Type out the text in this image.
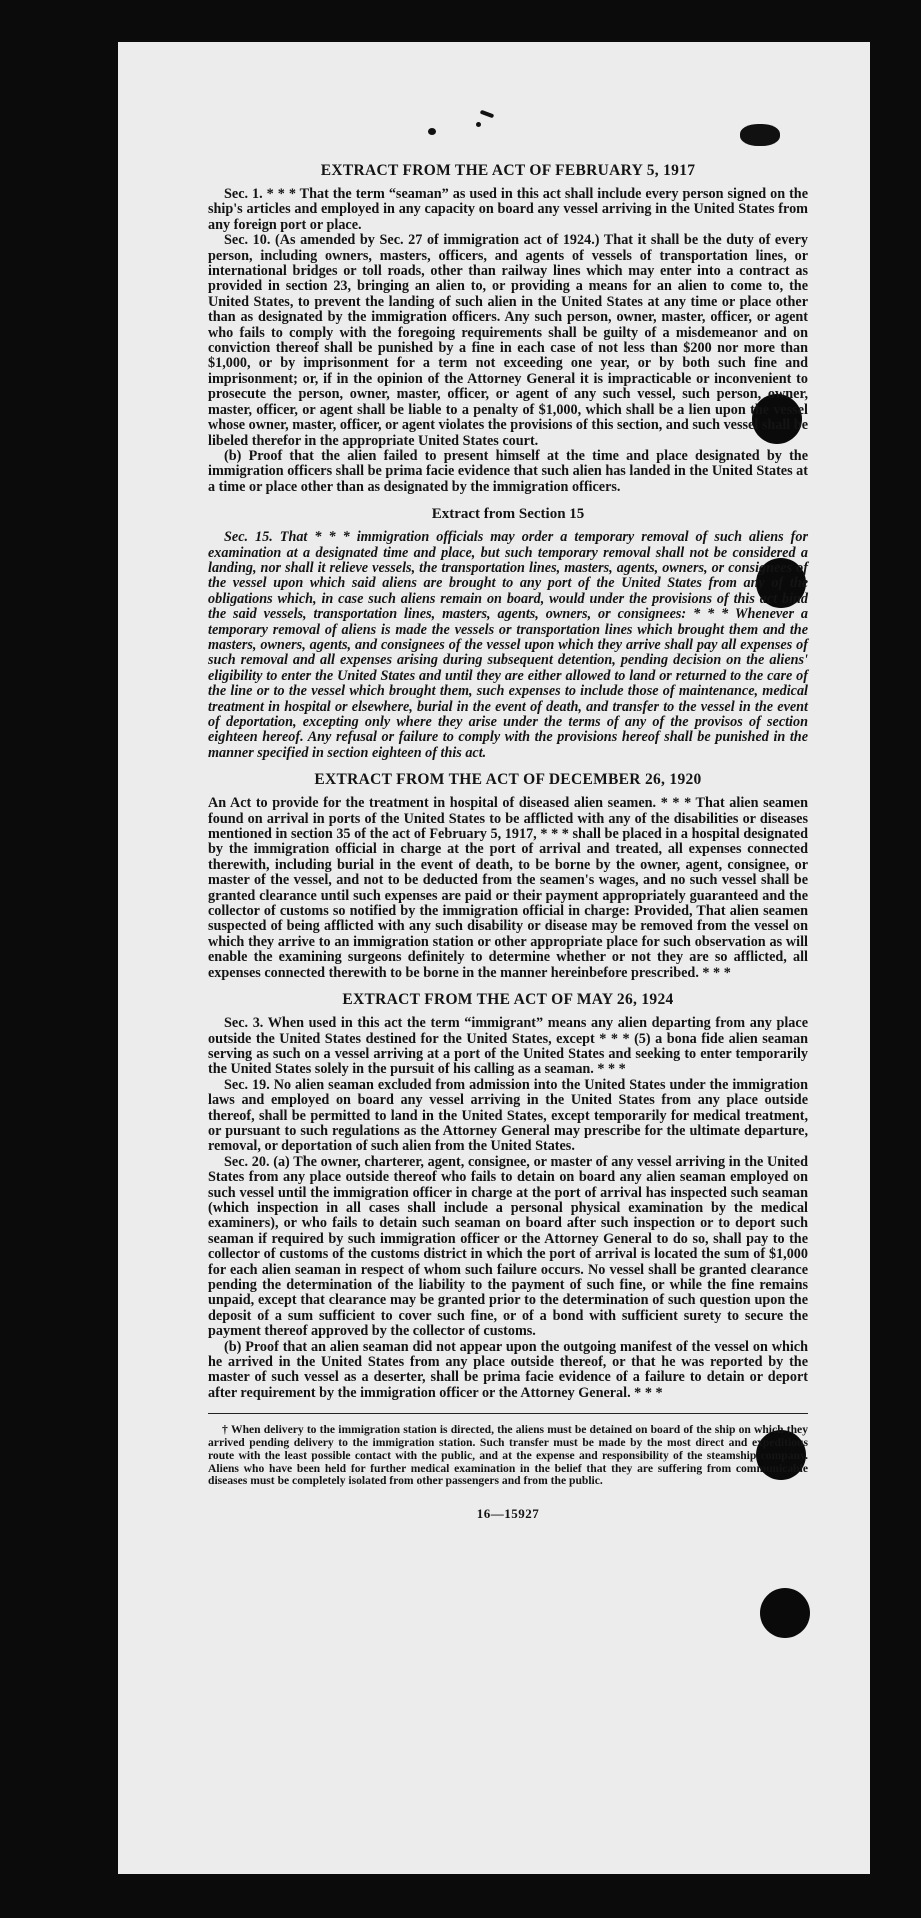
EXTRACT FROM THE ACT OF FEBRUARY 5, 1917

Sec. 1. * * * That the term “seaman” as used in this act shall include every person signed on the ship's articles and employed in any capacity on board any vessel arriving in the United States from any foreign port or place.

Sec. 10. (As amended by Sec. 27 of immigration act of 1924.) That it shall be the duty of every person, including owners, masters, officers, and agents of vessels of transportation lines, or international bridges or toll roads, other than railway lines which may enter into a contract as provided in section 23, bringing an alien to, or providing a means for an alien to come to, the United States, to prevent the landing of such alien in the United States at any time or place other than as designated by the immigration officers. Any such person, owner, master, officer, or agent who fails to comply with the foregoing requirements shall be guilty of a misdemeanor and on conviction thereof shall be punished by a fine in each case of not less than $200 nor more than $1,000, or by imprisonment for a term not exceeding one year, or by both such fine and imprisonment; or, if in the opinion of the Attorney General it is impracticable or inconvenient to prosecute the person, owner, master, officer, or agent of any such vessel, such person, owner, master, officer, or agent shall be liable to a penalty of $1,000, which shall be a lien upon the vessel whose owner, master, officer, or agent violates the provisions of this section, and such vessel shall be libeled therefor in the appropriate United States court.

(b) Proof that the alien failed to present himself at the time and place designated by the immigration officers shall be prima facie evidence that such alien has landed in the United States at a time or place other than as designated by the immigration officers.

Extract from Section 15

Sec. 15. That * * * immigration officials may order a temporary removal of such aliens for examination at a designated time and place, but such temporary removal shall not be considered a landing, nor shall it relieve vessels, the transportation lines, masters, agents, owners, or consignees of the vessel upon which said aliens are brought to any port of the United States from any of the obligations which, in case such aliens remain on board, would under the provisions of this act bind the said vessels, transportation lines, masters, agents, owners, or consignees: * * * Whenever a temporary removal of aliens is made the vessels or transportation lines which brought them and the masters, owners, agents, and consignees of the vessel upon which they arrive shall pay all expenses of such removal and all expenses arising during subsequent detention, pending decision on the aliens' eligibility to enter the United States and until they are either allowed to land or returned to the care of the line or to the vessel which brought them, such expenses to include those of maintenance, medical treatment in hospital or elsewhere, burial in the event of death, and transfer to the vessel in the event of deportation, excepting only where they arise under the terms of any of the provisos of section eighteen hereof. Any refusal or failure to comply with the provisions hereof shall be punished in the manner specified in section eighteen of this act.

EXTRACT FROM THE ACT OF DECEMBER 26, 1920

An Act to provide for the treatment in hospital of diseased alien seamen. * * * That alien seamen found on arrival in ports of the United States to be afflicted with any of the disabilities or diseases mentioned in section 35 of the act of February 5, 1917, * * * shall be placed in a hospital designated by the immigration official in charge at the port of arrival and treated, all expenses connected therewith, including burial in the event of death, to be borne by the owner, agent, consignee, or master of the vessel, and not to be deducted from the seamen's wages, and no such vessel shall be granted clearance until such expenses are paid or their payment appropriately guaranteed and the collector of customs so notified by the immigration official in charge: Provided, That alien seamen suspected of being afflicted with any such disability or disease may be removed from the vessel on which they arrive to an immigration station or other appropriate place for such observation as will enable the examining surgeons definitely to determine whether or not they are so afflicted, all expenses connected therewith to be borne in the manner hereinbefore prescribed. * * *

EXTRACT FROM THE ACT OF MAY 26, 1924

Sec. 3. When used in this act the term “immigrant” means any alien departing from any place outside the United States destined for the United States, except * * * (5) a bona fide alien seaman serving as such on a vessel arriving at a port of the United States and seeking to enter temporarily the United States solely in the pursuit of his calling as a seaman. * * *

Sec. 19. No alien seaman excluded from admission into the United States under the immigration laws and employed on board any vessel arriving in the United States from any place outside thereof, shall be permitted to land in the United States, except temporarily for medical treatment, or pursuant to such regulations as the Attorney General may prescribe for the ultimate departure, removal, or deportation of such alien from the United States.

Sec. 20. (a) The owner, charterer, agent, consignee, or master of any vessel arriving in the United States from any place outside thereof who fails to detain on board any alien seaman employed on such vessel until the immigration officer in charge at the port of arrival has inspected such seaman (which inspection in all cases shall include a personal physical examination by the medical examiners), or who fails to detain such seaman on board after such inspection or to deport such seaman if required by such immigration officer or the Attorney General to do so, shall pay to the collector of customs of the customs district in which the port of arrival is located the sum of $1,000 for each alien seaman in respect of whom such failure occurs. No vessel shall be granted clearance pending the determination of the liability to the payment of such fine, or while the fine remains unpaid, except that clearance may be granted prior to the determination of such question upon the deposit of a sum sufficient to cover such fine, or of a bond with sufficient surety to secure the payment thereof approved by the collector of customs.

(b) Proof that an alien seaman did not appear upon the outgoing manifest of the vessel on which he arrived in the United States from any place outside thereof, or that he was reported by the master of such vessel as a deserter, shall be prima facie evidence of a failure to detain or deport after requirement by the immigration officer or the Attorney General. * * *

† When delivery to the immigration station is directed, the aliens must be detained on board of the ship on which they arrived pending delivery to the immigration station. Such transfer must be made by the most direct and expeditious route with the least possible contact with the public, and at the expense and responsibility of the steamship company. Aliens who have been held for further medical examination in the belief that they are suffering from communicable diseases must be completely isolated from other passengers and from the public.
16—15927
